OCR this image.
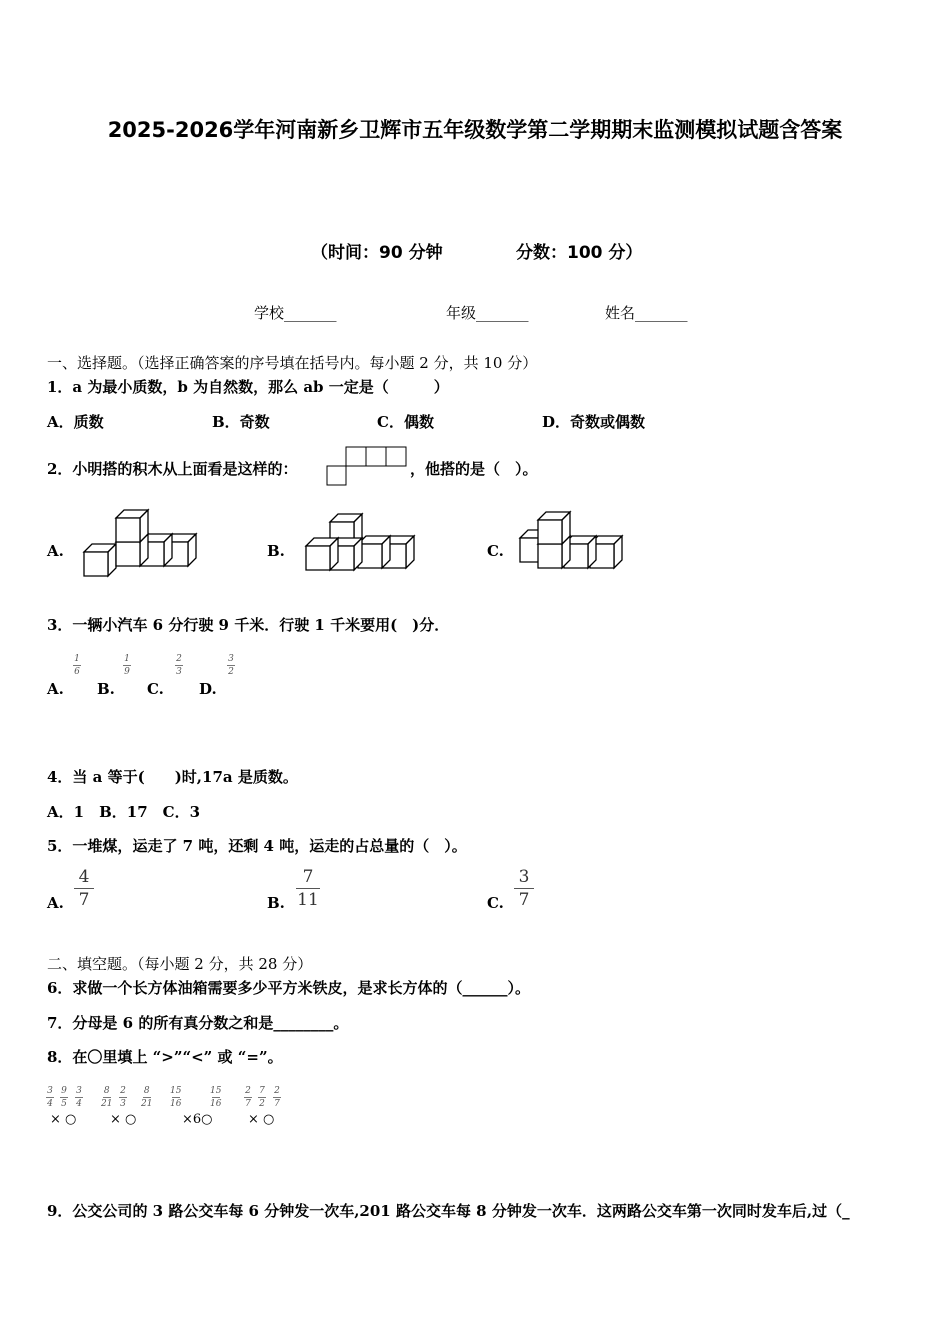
2025-2026学年河南新乡卫辉市五年级数学第二学期期末监测模拟试题含答案
（时间：90 分钟	分数：100 分）
学校_______	年级_______	姓名_______
一、选择题。（选择正确答案的序号填在括号内。每小题 2 分，共 10 分）
1．a 为最小质数，b 为自然数，那么 ab 一定是（　　　）
A．质数	B．奇数	C．偶数	D．奇数或偶数
2．小明搭的积木从上面看是这样的：	，他搭的是（　）。
A.	B.	C.
3．一辆小汽车 6 分行驶 9 千米．行驶 1 千米要用(　)分．
A. B. C. D.
1
6
1
9
2
3
3
2
4．当 a 等于(　　)时,17a 是质数。
A．1　B．17　C．3
5．一堆煤，运走了 7 吨，还剩 4 吨，运走的占总量的（　）。
A.	B.	C.
4
7
7
11
3
7
二、填空题。（每小题 2 分，共 28 分）
6．求做一个长方体油箱需要多少平方米铁皮，是求长方体的（______）。
7．分母是 6 的所有真分数之和是________。
8．在〇里填上 “>”“<” 或 “=”。
3
4
9
5
3
4
8
21
2
3
8
21
15
16
15
16
2
7
7
2
2
7
× ○	× ○	×6○	× ○
9．公交公司的 3 路公交车每 6 分钟发一次车,201 路公交车每 8 分钟发一次车．这两路公交车第一次同时发车后,过（_
